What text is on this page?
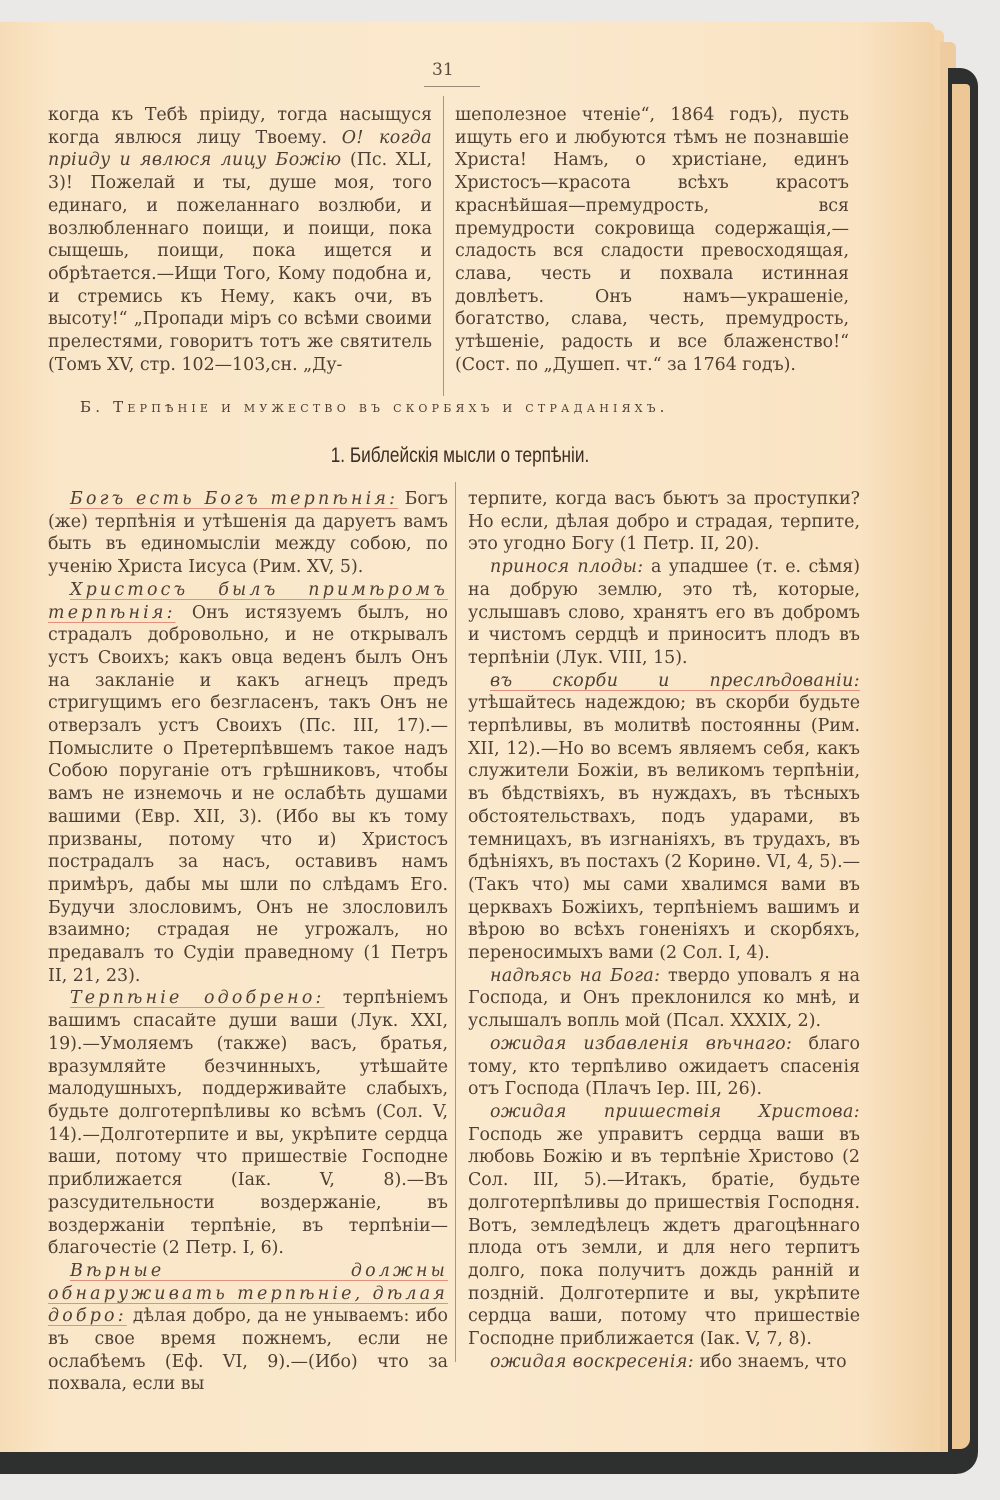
31

когда къ Тебѣ пріиду, тогда насыщуся когда явлюся лицу Твоему. О! когда пріиду и явлюся лицу Божію (Пс. XLI, 3)! Пожелай и ты, душе моя, того единаго, и пожеланнаго возлюби, и возлюбленнаго поищи, и поищи, пока сыщешь, поищи, пока ищется и обрѣтается.—Ищи Того, Кому подобна и, и стремись къ Нему, какъ очи, въ высоту!“ „Пропади міръ со всѣми своими прелестями, говоритъ тотъ же святитель (Томъ XV, стр. 102—103,сн. „Ду-

шеполезное чтеніе“, 1864 годъ), пусть ищуть его и любуются тѣмъ не познавшіе Христа! Намъ, о христіане, единъ Христосъ—красота всѣхъ красотъ краснѣйшая—премудрость, вся премудрости сокровища содержащія,—сладость вся сладости превосходящая, слава, честь и похвала истинная довлѣетъ. Онъ намъ—украшеніе, богатство, слава, честь, премудрость, утѣшеніе, радость и все блаженство!“ (Сост. по „Душеп. чт.“ за 1764 годъ).

Б. Терпѣніе и мужество въ скорбяхъ и страданіяхъ.
1. Библейскія мысли о терпѣніи.

Богъ есть Богъ терпѣнія: Богъ (же) терпѣнія и утѣшенія да даруетъ вамъ быть въ единомысліи между собою, по ученію Христа Іисуса (Рим. XV, 5).

Христосъ былъ примѣромъ терпѣнія: Онъ истязуемъ былъ, но страдалъ добровольно, и не открывалъ устъ Своихъ; какъ овца веденъ былъ Онъ на закланіе и какъ агнецъ предъ стригущимъ его безгласенъ, такъ Онъ не отверзалъ устъ Своихъ (Пс. III, 17).—Помыслите о Претерпѣвшемъ такое надъ Собою поруганіе отъ грѣшниковъ, чтобы вамъ не изнемочь и не ослабѣть душами вашими (Евр. XII, 3). (Ибо вы къ тому призваны, потому что и) Христосъ пострадалъ за насъ, оставивъ намъ примѣръ, дабы мы шли по слѣдамъ Его. Будучи злословимъ, Онъ не злословилъ взаимно; страдая не угрожалъ, но предавалъ то Судіи праведному (1 Петръ II, 21, 23).

Терпѣніе одобрено: терпѣніемъ вашимъ спасайте души ваши (Лук. XXI, 19).—Умоляемъ (также) васъ, братья, вразумляйте безчинныхъ, утѣшайте малодушныхъ, поддерживайте слабыхъ, будьте долготерпѣливы ко всѣмъ (Сол. V, 14).—Долготерпите и вы, укрѣпите сердца ваши, потому что пришествіе Господне приближается (Іак. V, 8).—Въ разсудительности воздержаніе, въ воздержаніи терпѣніе, въ терпѣніи—благочестіе (2 Петр. I, 6).

Вѣрные должны обнаруживать терпѣніе, дѣлая добро: дѣлая добро, да не унываемъ: ибо въ свое время пожнемъ, если не ослабѣемъ (Еф. VI, 9).—(Ибо) что за похвала, если вы

терпите, когда васъ бьютъ за проступки? Но если, дѣлая добро и страдая, терпите, это угодно Богу (1 Петр. II, 20).

принося плоды: а упадшее (т. е. сѣмя) на добрую землю, это тѣ, которые, услышавъ слово, хранятъ его въ добромъ и чистомъ сердцѣ и приноситъ плодъ въ терпѣніи (Лук. VIII, 15).

въ скорби и преслѣдованіи: утѣшайтесь надеждою; въ скорби будьте терпѣливы, въ молитвѣ постоянны (Рим. XII, 12).—Но во всемъ являемъ себя, какъ служители Божіи, въ великомъ терпѣніи, въ бѣдствіяхъ, въ нуждахъ, въ тѣсныхъ обстоятельствахъ, подъ ударами, въ темницахъ, въ изгнаніяхъ, въ трудахъ, въ бдѣніяхъ, въ постахъ (2 Коринѳ. VI, 4, 5).—(Такъ что) мы сами хвалимся вами въ церквахъ Божіихъ, терпѣніемъ вашимъ и вѣрою во всѣхъ гоненіяхъ и скорбяхъ, переносимыхъ вами (2 Сол. I, 4).

надѣясь на Бога: твердо уповалъ я на Господа, и Онъ преклонился ко мнѣ, и услышалъ вопль мой (Псал. XXXIX, 2).

ожидая избавленія вѣчнаго: благо тому, кто терпѣливо ожидаетъ спасенія отъ Господа (Плачъ Іер. III, 26).

ожидая пришествія Христова: Господь же управитъ сердца ваши въ любовь Божію и въ терпѣніе Христово (2 Сол. III, 5).—Итакъ, братіе, будьте долготерпѣливы до пришествія Господня. Вотъ, земледѣлецъ ждетъ драгоцѣннаго плода отъ земли, и для него терпитъ долго, пока получитъ дождь ранній и поздній. Долготерпите и вы, укрѣпите сердца ваши, потому что пришествіе Господне приближается (Іак. V, 7, 8).

ожидая воскресенія: ибо знаемъ, что
